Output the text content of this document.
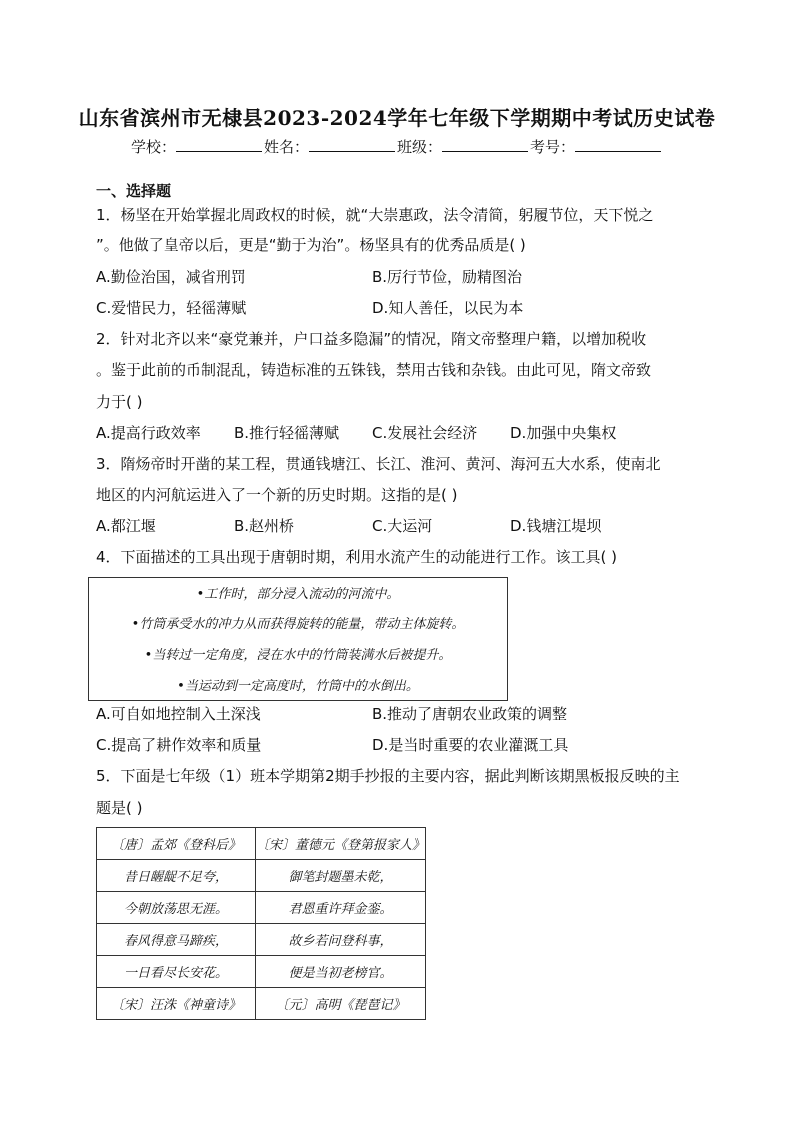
山东省滨州市无棣县2023-2024学年七年级下学期期中考试历史试卷
学校：	姓名：	班级：	考号：
一、选择题
1．杨坚在开始掌握北周政权的时候，就“大崇惠政，法令清简，躬履节位，天下悦之
”。他做了皇帝以后，更是“勤于为治”。杨坚具有的优秀品质是( )
A.勤俭治国，减省刑罚	B.厉行节俭，励精图治
C.爱惜民力，轻徭薄赋	D.知人善任，以民为本
2．针对北齐以来“豪党兼并，户口益多隐漏”的情况，隋文帝整理户籍，以增加税收
。鉴于此前的币制混乱，铸造标准的五铢钱，禁用古钱和杂钱。由此可见，隋文帝致
力于( )
A.提高行政效率 B.推行轻徭薄赋 C.发展社会经济 D.加强中央集权
3．隋炀帝时开凿的某工程，贯通钱塘江、长江、淮河、黄河、海河五大水系，使南北
地区的内河航运进入了一个新的历史时期。这指的是( )
A.都江堰	B.赵州桥	C.大运河	D.钱塘江堤坝
4．下面描述的工具出现于唐朝时期，利用水流产生的动能进行工作。该工具( )
•工作时，部分浸入流动的河流中。
•竹筒承受水的冲力从而获得旋转的能量，带动主体旋转。
•当转过一定角度，浸在水中的竹筒装满水后被提升。
•当运动到一定高度时，竹筒中的水倒出。
A.可自如地控制入土深浅	B.推动了唐朝农业政策的调整
C.提高了耕作效率和质量	D.是当时重要的农业灌溉工具
5．下面是七年级（1）班本学期第2期手抄报的主要内容，据此判断该期黑板报反映的主
题是( )
〔唐〕孟郊《登科后》	〔宋〕董德元《登第报家人》
昔日龌龊不足夸，	御笔封题墨未乾，
今朝放荡思无涯。	君恩重许拜金銮。
春风得意马蹄疾，	故乡若问登科事，
一日看尽长安花。	便是当初老榜官。
〔宋〕汪洙《神童诗》	〔元〕高明《琵琶记》
